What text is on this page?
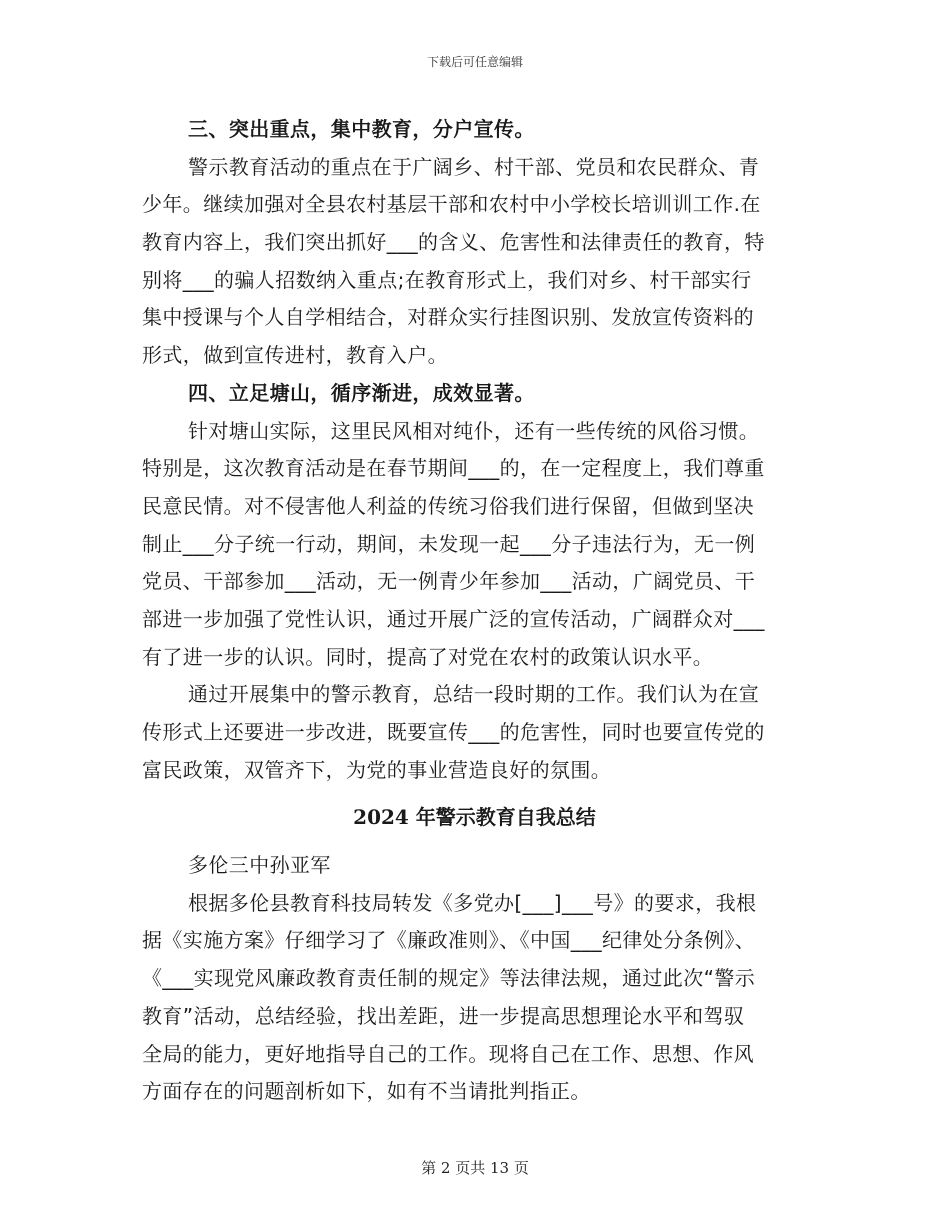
下载后可任意编辑
三、突出重点，集中教育，分户宣传。
警示教育活动的重点在于广阔乡、村干部、党员和农民群众、青
少年。继续加强对全县农村基层干部和农村中小学校长培训训工作.在
教育内容上，我们突出抓好___的含义、危害性和法律责任的教育，特
别将___的骗人招数纳入重点;在教育形式上，我们对乡、村干部实行
集中授课与个人自学相结合，对群众实行挂图识别、发放宣传资料的
形式，做到宣传进村，教育入户。
四、立足塘山，循序渐进，成效显著。
针对塘山实际，这里民风相对纯仆，还有一些传统的风俗习惯。
特别是，这次教育活动是在春节期间___的，在一定程度上，我们尊重
民意民情。对不侵害他人利益的传统习俗我们进行保留，但做到坚决
制止___分子统一行动，期间，未发现一起___分子违法行为，无一例
党员、干部参加___活动，无一例青少年参加___活动，广阔党员、干
部进一步加强了党性认识，通过开展广泛的宣传活动，广阔群众对___
有了进一步的认识。同时，提高了对党在农村的政策认识水平。
通过开展集中的警示教育，总结一段时期的工作。我们认为在宣
传形式上还要进一步改进，既要宣传___的危害性，同时也要宣传党的
富民政策，双管齐下，为党的事业营造良好的氛围。
2024 年警示教育自我总结
多伦三中孙亚军
根据多伦县教育科技局转发《多党办[___]___号》的要求，我根
据《实施方案》仔细学习了《廉政准则》、《中国___纪律处分条例》、
《___实现党风廉政教育责任制的规定》等法律法规，通过此次“警示
教育”活动，总结经验，找出差距，进一步提高思想理论水平和驾驭
全局的能力，更好地指导自己的工作。现将自己在工作、思想、作风
方面存在的问题剖析如下，如有不当请批判指正。
第 2 页共 13 页
